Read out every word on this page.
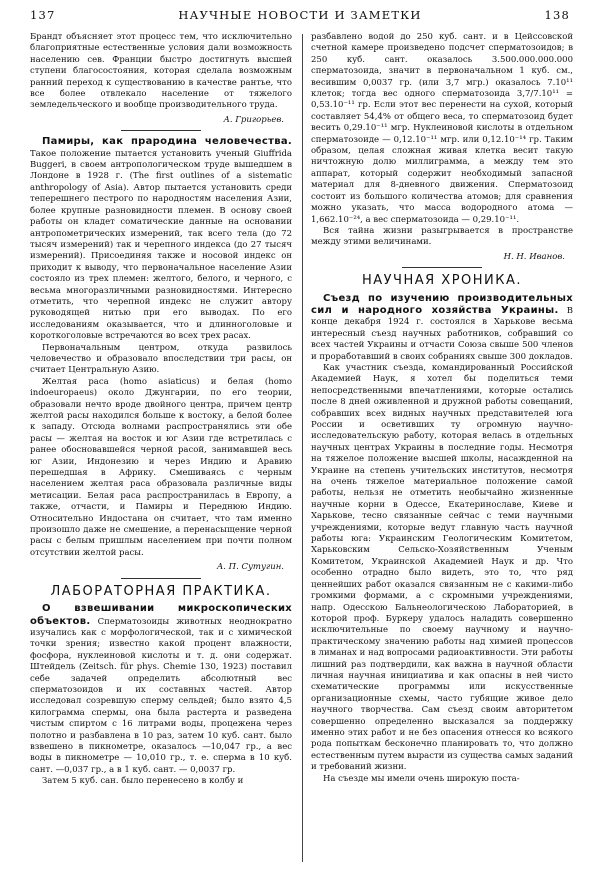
137	НАУЧНЫЕ НОВОСТИ И ЗАМЕТКИ	138

Брандт объясняет этот процесс тем, что исключительно благоприятные естественные условия дали возможность населению сев. Франции быстро достигнуть высшей ступени благосостояния, которая сделала возможным ранний переход к существованию в качестве рантье, что все более отвлекало население от тяжелого земледельческого и вообще производительного труда.

А. Григорьев.

Памиры, как прародина человечества. Такое положение пытается установить ученый Giuffrida Buggeri, в своем антропологическом труде вышедшем в Лондоне в 1928 г. (The first outlines of a sistematic anthropology of Asia). Автор пытается установить среди теперешнего пестрого по народностям населения Азии, более крупные разновидности племен. В основу своей работы он кладет соматические данные на основании антропометрических измерений, так всего тела (до 72 тысяч измерений) так и черепного индекса (до 27 тысяч измерений). Присоединяя также и носовой индекс он приходит к выводу, что первоначальное население Азии состояло из трех племен: желтого, белого, и черного, с весьма многоразличными разновидностями. Интересно отметить, что черепной индекс не служит автору руководящей нитью при его выводах. По его исследованиям оказывается, что и длинноголовые и короткоголовые встречаются во всех трех расах.

Первоначальным центром, откуда развилось человечество и образовало впоследствии три расы, он считает Центральную Азию.

Желтая раса (homo asiaticus) и белая (homo indoeuropaeus) около Джунгарии, по его теории, образовали нечто вроде двойного центра, причем центр желтой расы находился больше к востоку, а белой более к западу. Отсюда волнами распространялись эти обе расы — желтая на восток и юг Азии где встретилась с ранее обосновавшейся черной расой, занимавшей весь юг Азии, Индонезию и через Индию и Аравию перешедшая в Африку. Смешиваясь с черным населением желтая раса образовала различные виды метисации. Белая раса распространилась в Европу, а также, отчасти, и Памиры и Переднюю Индию. Относительно Индостана он считает, что там именно произошло даже не смешение, а перенасыщение черной расы с белым пришлым населением при почти полном отсутствии желтой расы.

А. П. Сутугин.
ЛАБОРАТОРНАЯ ПРАКТИКА.

О взвешивании микроскопических объектов. Сперматозоиды животных неоднократно изучались как с морфологической, так и с химической точки зрения; известно какой процент влажности, фосфора, нуклеиновой кислоты и т. д. они содержат. Штейдель (Zeitsch. für phys. Chemie 130, 1923) поставил себе задачей определить абсолютный вес сперматозоидов и их составных частей. Автор исследовал созревшую сперму сельдей; было взято 4,5 килограмма спермы, она была растерта и разведена чистым спиртом с 16 литрами воды, процежена через полотно и разбавлена в 10 раз, затем 10 куб. сант. было взвешено в пикнометре, оказалось —10,047 гр., а вес воды в пикнометре — 10,010 гр., т. е. сперма в 10 куб. сант. —0,037 гр., а в 1 куб. сант. — 0,0037 гр.

Затем 5 куб. сан. было перенесено в колбу и

разбавлено водой до 250 куб. сант. и в Цейссовской счетной камере произведено подсчет сперматозоидов; в 250 куб. сант. оказалось 3.500.000.000.000 сперматозоида, значит в первоначальном 1 куб. см., весившим 0,0037 гр. (или 3,7 мгр.) оказалось 7.10¹¹ клеток; тогда вес одного сперматозоида 3,7/7.10¹¹ = 0,53.10⁻¹¹ гр. Если этот вес перенести на сухой, который составляет 54,4% от общего веса, то сперматозоид будет весить 0,29.10⁻¹¹ мгр. Нуклеиновой кислоты в отдельном сперматозоиде — 0,12.10⁻¹¹ мгр. или 0,12.10⁻¹⁴ гр. Таким образом, целая сложная живая клетка весит такую ничтожную долю миллиграмма, а между тем это аппарат, который содержит необходимый запасной материал для 8-дневного движения. Сперматозоид состоит из большого количества атомов; для сравнения можно указать, что масса водородного атома —1,662.10⁻²⁴, а вес сперматозоида — 0,29.10⁻¹¹.

Вся тайна жизни разыгрывается в пространстве между этими величинами.

Н. Н. Иванов.
НАУЧНАЯ ХРОНИКА.

Съезд по изучению производительных сил и народного хозяйства Украины. В конце декабря 1924 г. состоялся в Харькове весьма интересный съезд научных работников, собравший со всех частей Украины и отчасти Союза свыше 500 членов и проработавший в своих собраниях свыше 300 докладов.

Как участник съезда, командированный Российской Академией Наук, я хотел бы поделиться теми непосредственными впечатлениями, которые остались после 8 дней оживленной и дружной работы совещаний, собравших всех видных научных представителей юга России и осветивших ту огромную научно-исследовательскую работу, которая велась в отдельных научных центрах Украины в последние годы. Несмотря на тяжелое положение высшей школы, насажденной на Украине на степень учительских институтов, несмотря на очень тяжелое материальное положение самой работы, нельзя не отметить необычайно жизненные научные корни в Одессе, Екатеринославе, Киеве и Харькове, тесно связанные сейчас с теми научными учреждениями, которые ведут главную часть научной работы юга: Украинским Геологическим Комитетом, Харьковским Сельско-Хозяйственным Ученым Комитетом, Украинской Академией Наук и др. Что особенно отрадно было видеть, это то, что ряд ценнейших работ оказался связанным не с какими-либо громкими формами, а с скромными учреждениями, напр. Одесскою Бальнеологическою Лабораторией, в которой проф. Буркеру удалось наладить совершенно исключительные по своему научному и научно-практическому значению работы над химией процессов в лиманах и над вопросами радиоактивности. Эти работы лишний раз подтвердили, как важна в научной области личная научная инициатива и как опасны в ней чисто схематические программы или искусственные организационные схемы, часто губящие живое дело научного творчества. Сам съезд своим авторитетом совершенно определенно высказался за поддержку именно этих работ и не без опасения отнесся ко всякого рода попыткам бесконечно планировать то, что должно естественным путем вырасти из существа самых заданий и требований жизни.

На съезде мы имели очень широкую поста-
